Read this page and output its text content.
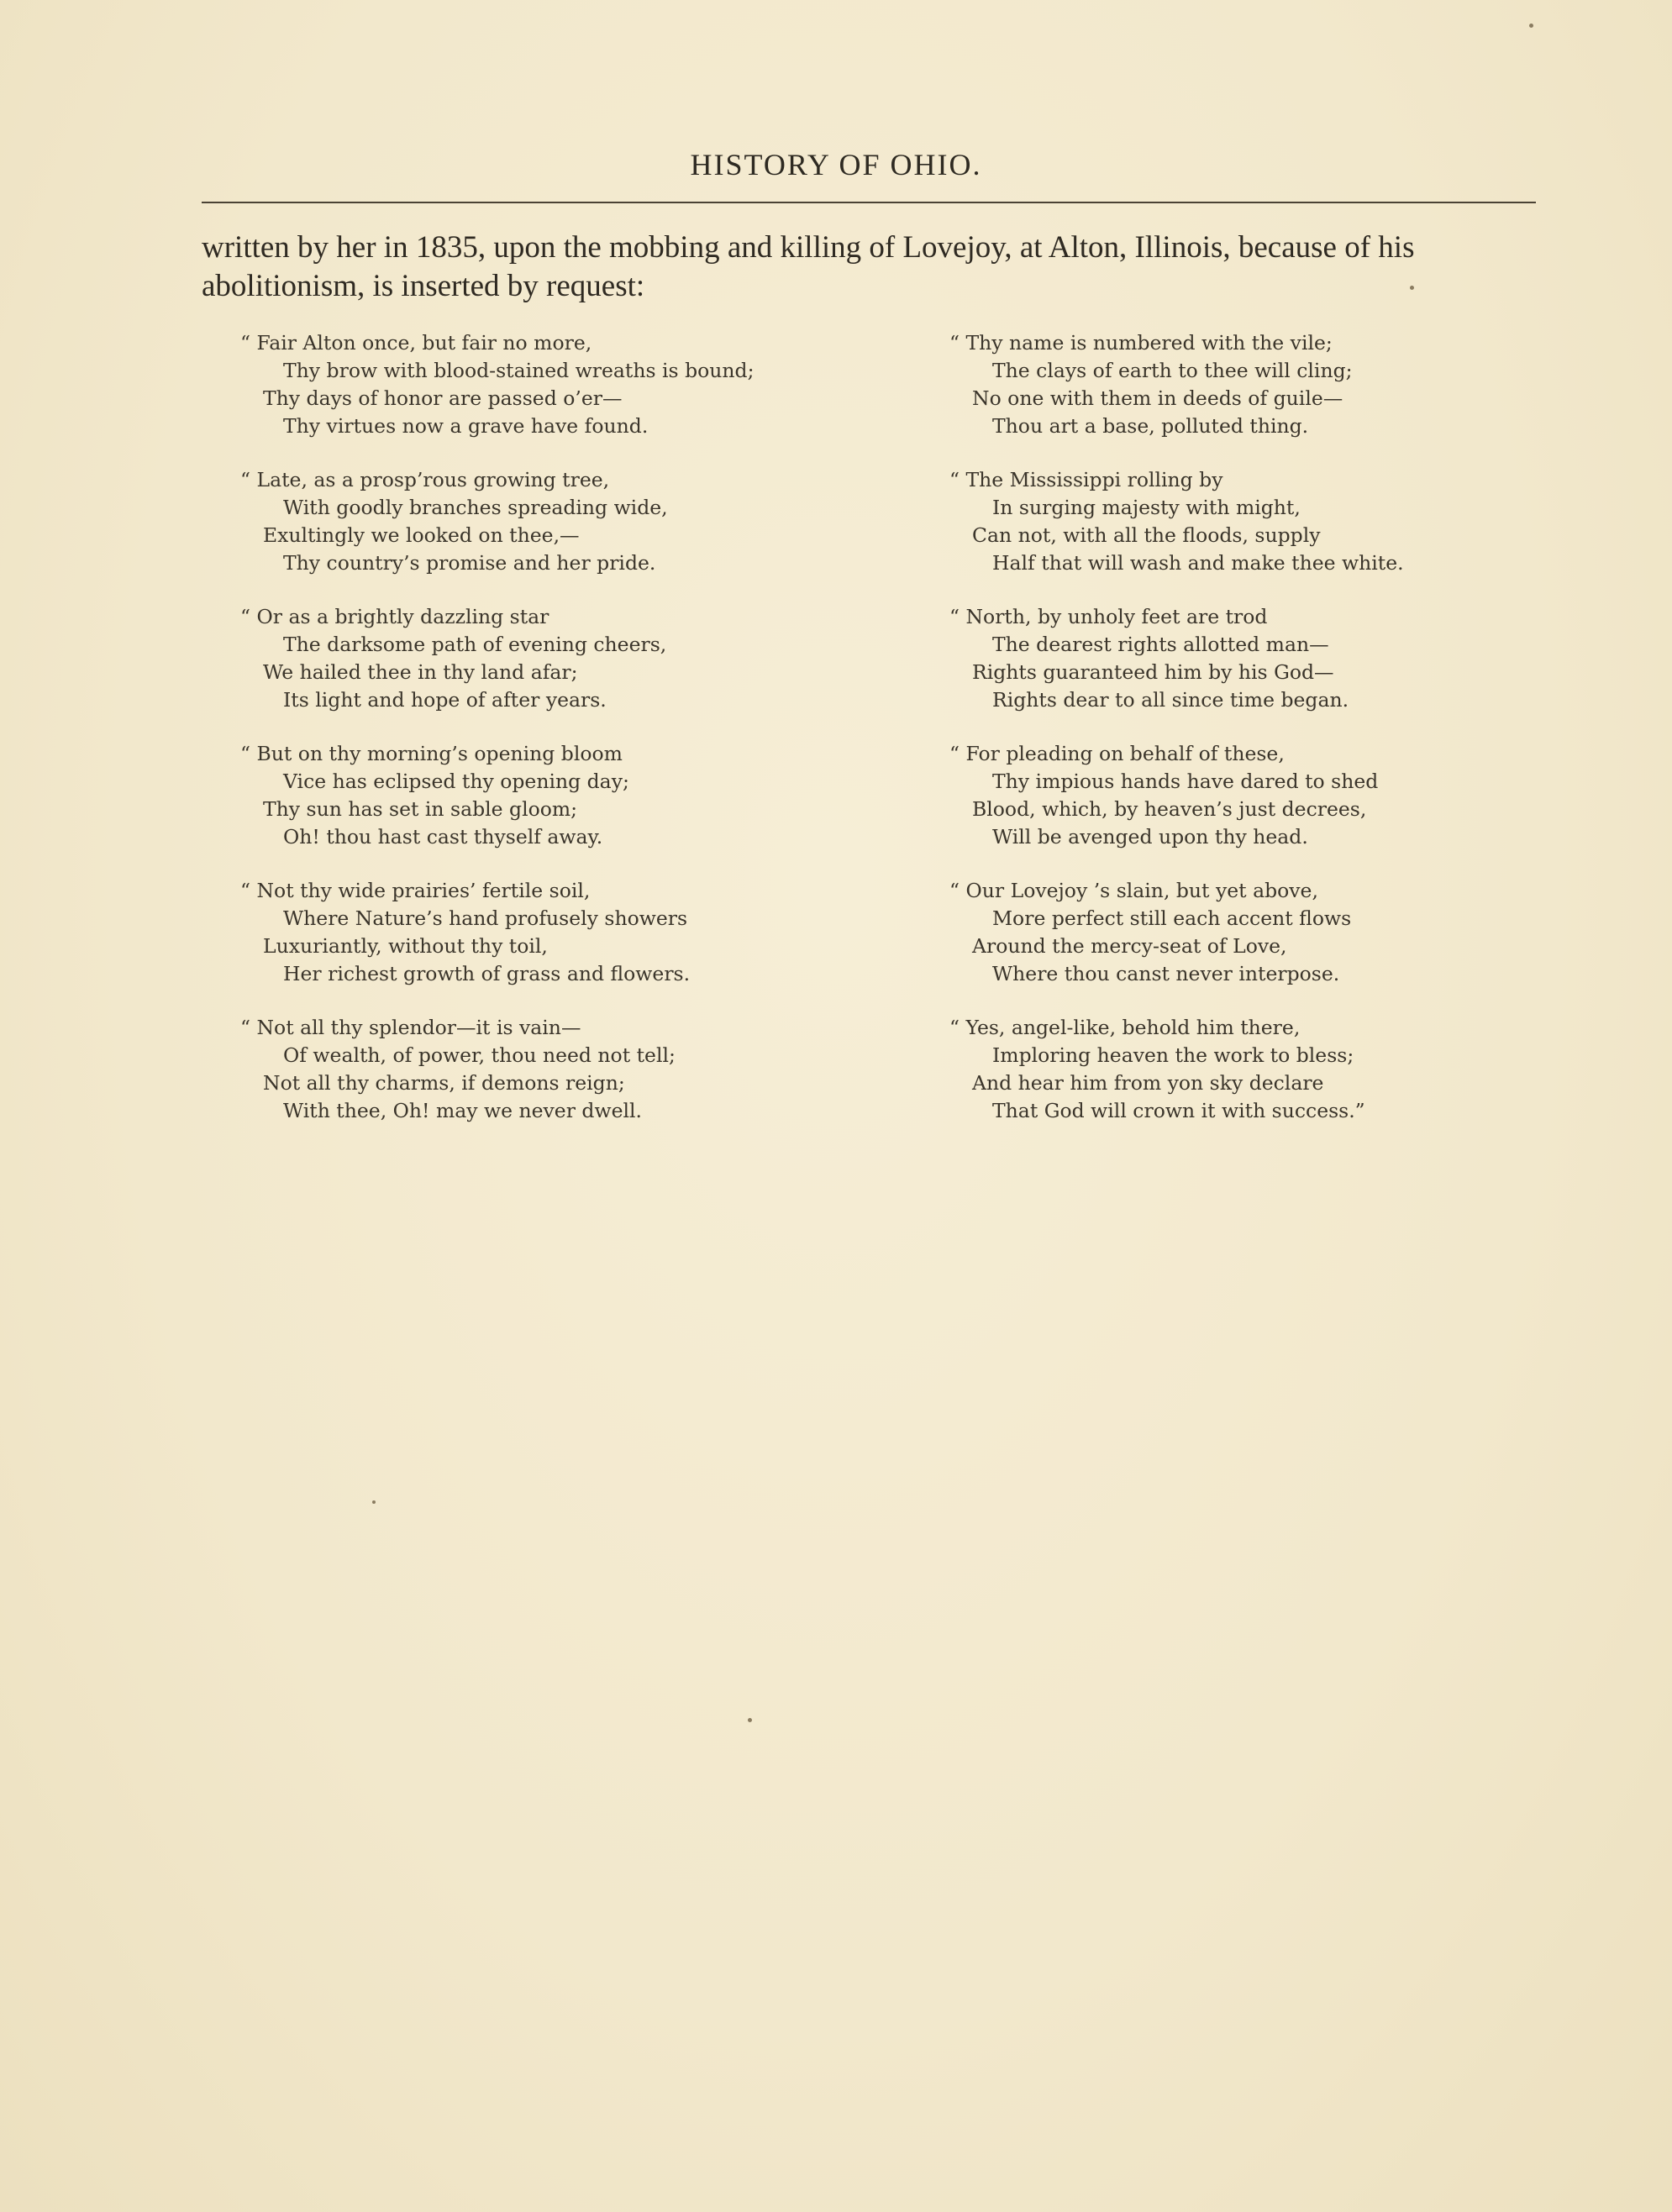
HISTORY OF OHIO.
written by her in 1835, upon the mobbing and killing of Lovejoy, at Alton, Illinois, because of his abolitionism, is inserted by request:
“ Fair Alton once, but fair no more,
Thy brow with blood-stained wreaths is bound;
Thy days of honor are passed o’er—
Thy virtues now a grave have found.
“ Late, as a prosp’rous growing tree,
With goodly branches spreading wide,
Exultingly we looked on thee,—
Thy country’s promise and her pride.
“ Or as a brightly dazzling star
The darksome path of evening cheers,
We hailed thee in thy land afar;
Its light and hope of after years.
“ But on thy morning’s opening bloom
Vice has eclipsed thy opening day;
Thy sun has set in sable gloom;
Oh! thou hast cast thyself away.
“ Not thy wide prairies’ fertile soil,
Where Nature’s hand profusely showers
Luxuriantly, without thy toil,
Her richest growth of grass and flowers.
“ Not all thy splendor—it is vain—
Of wealth, of power, thou need not tell;
Not all thy charms, if demons reign;
With thee, Oh! may we never dwell.
“ Thy name is numbered with the vile;
The clays of earth to thee will cling;
No one with them in deeds of guile—
Thou art a base, polluted thing.
“ The Mississippi rolling by
In surging majesty with might,
Can not, with all the floods, supply
Half that will wash and make thee white.
“ North, by unholy feet are trod
The dearest rights allotted man—
Rights guaranteed him by his God—
Rights dear to all since time began.
“ For pleading on behalf of these,
Thy impious hands have dared to shed
Blood, which, by heaven’s just decrees,
Will be avenged upon thy head.
“ Our Lovejoy ’s slain, but yet above,
More perfect still each accent flows
Around the mercy-seat of Love,
Where thou canst never interpose.
“ Yes, angel-like, behold him there,
Imploring heaven the work to bless;
And hear him from yon sky declare
That God will crown it with success.”
